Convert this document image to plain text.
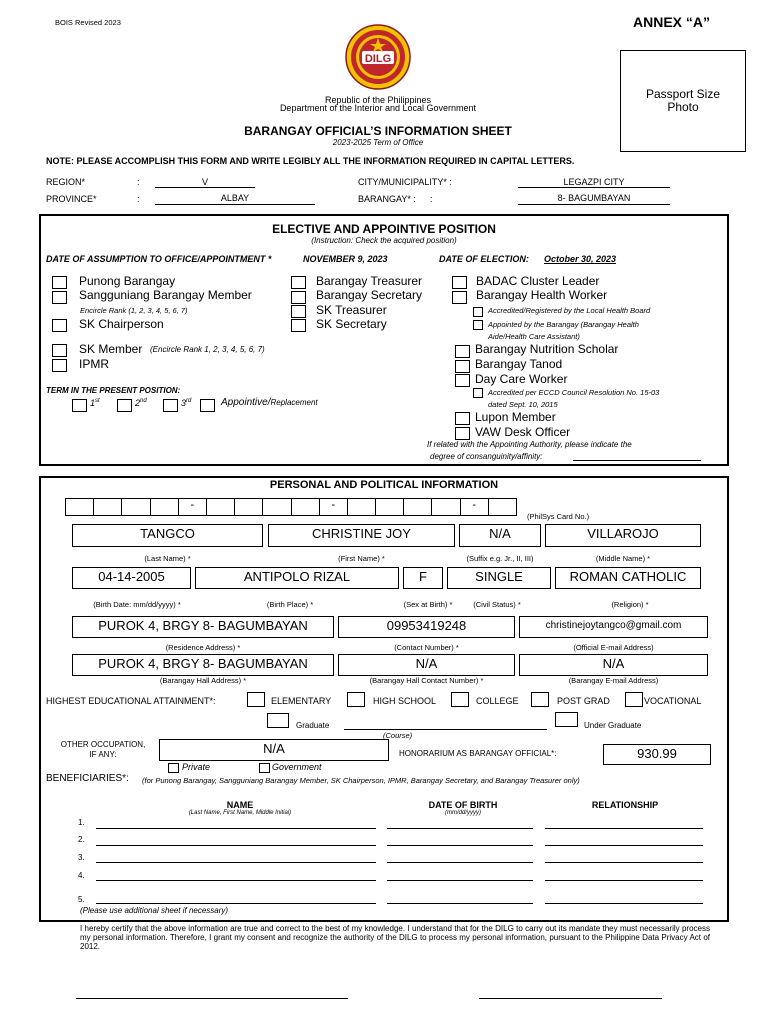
BOIS Revised 2023	ANNEX “A”
Passport Size
Photo
DILG
Republic of the Philippines
Department of the Interior and Local Government
BARANGAY OFFICIAL’S INFORMATION SHEET
2023-2025 Term of Office
NOTE: PLEASE ACCOMPLISH THIS FORM AND WRITE LEGIBLY ALL THE INFORMATION REQUIRED IN CAPITAL LETTERS.
REGION*	:	V
PROVINCE*	:	ALBAY
CITY/MUNICIPALITY* :	LEGAZPI CITY
BARANGAY* : :	8- BAGUMBAYAN
ELECTIVE AND APPOINTIVE POSITION
(Instruction: Check the acquired position)
DATE OF ASSUMPTION TO OFFICE/APPOINTMENT *	NOVEMBER 9, 2023	DATE OF ELECTION: October 30, 2023
Punong Barangay
Sangguniang Barangay Member
Encircle Rank (1, 2, 3, 4, 5, 6, 7)
SK Chairperson
SK Member (Encircle Rank 1, 2, 3, 4, 5, 6, 7)
IPMR
Barangay Treasurer
Barangay Secretary
SK Treasurer
SK Secretary
BADAC Cluster Leader
Barangay Health Worker
Accredited/Registered by the Local Health Board
Appointed by the Barangay (Barangay Health
Aide/Health Care Assistant)
Barangay Nutrition Scholar
Barangay Tanod
Day Care Worker
Accredited per ECCD Council Resolution No. 15-03
dated Sept. 10, 2015
Lupon Member
VAW Desk Officer
If related with the Appointing Authority, please indicate the
degree of consanguinity/affinity:
TERM IN THE PRESENT POSITION:
1st	2nd	3rd	Appointive/Replacement
PERSONAL AND POLITICAL INFORMATION
-	-	-
(PhilSys Card No.)
TANGCO	CHRISTINE JOY	N/A	VILLAROJO
(Last Name) *	(First Name) *	(Suffix e.g. Jr., II, III)	(Middle Name) *
04-14-2005	ANTIPOLO RIZAL	F	SINGLE	ROMAN CATHOLIC
(Birth Date: mm/dd/yyyy) *	(Birth Place) *	(Sex at Birth) *	(Civil Status) *	(Religion) *
PUROK 4, BRGY 8- BAGUMBAYAN	09953419248	christinejoytangco@gmail.com
(Residence Address) *	(Contact Number) *	(Official E-mail Address)
PUROK 4, BRGY 8- BAGUMBAYAN	N/A	N/A
(Barangay Hall Address) *	(Barangay Hall Contact Number) *	(Barangay E-mail Address)
HIGHEST EDUCATIONAL ATTAINMENT*:	ELEMENTARY	HIGH SCHOOL	COLLEGE	POST GRAD	VOCATIONAL
Graduate
(Course)
Under Graduate
OTHER OCCUPATION,
IF ANY:	N/A
Private	Government
HONORARIUM AS BARANGAY OFFICIAL*:	930.99
BENEFICIARIES*: (for Punong Barangay, Sangguniang Barangay Member, SK Chairperson, IPMR, Barangay Secretary, and Barangay Treasurer only)
NAME
(Last Name, First Name, Middle Initial)
DATE OF BIRTH
(mm/dd/yyyy)
RELATIONSHIP
1.
2.
3.
4.
5.
(Please use additional sheet if necessary)
I hereby certify that the above information are true and correct to the best of my knowledge. I understand that for the DILG to carry out its mandate they must necessarily process my personal information. Therefore, I grant my consent and recognize the authority of the DILG to process my personal information, pursuant to the Philippine Data Privacy Act of 2012.
